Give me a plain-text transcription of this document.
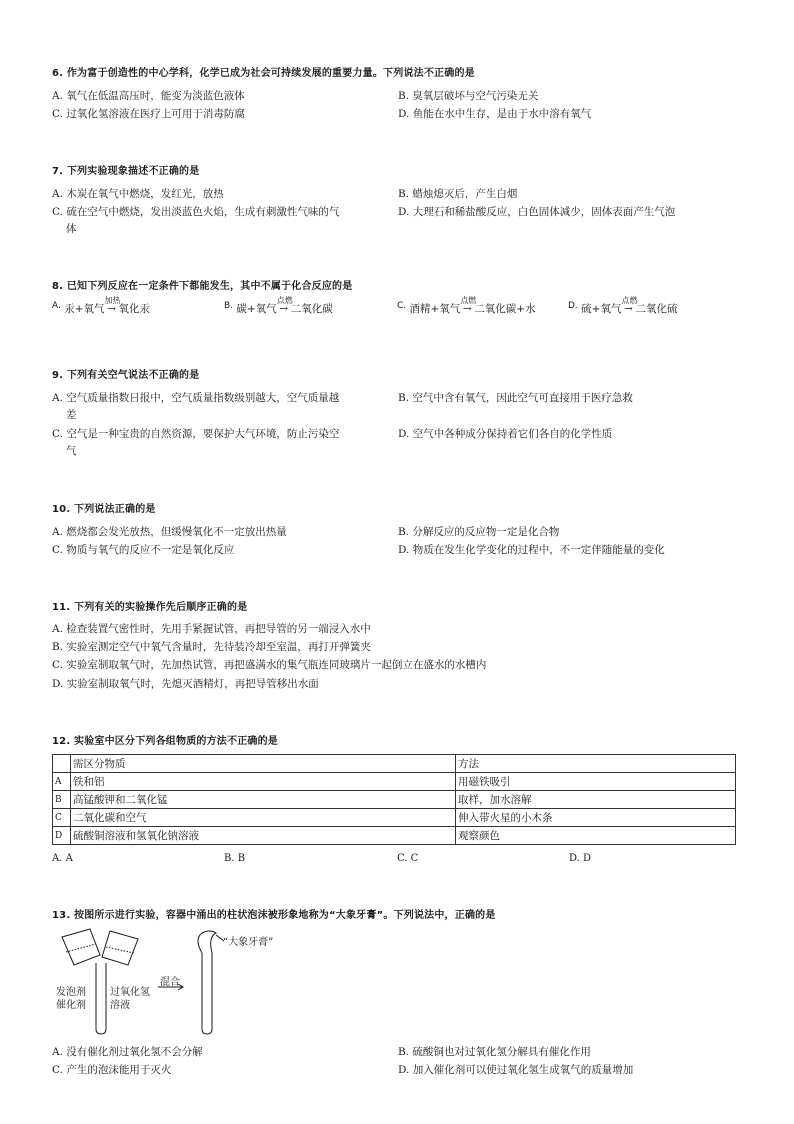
6. 作为富于创造性的中心学科，化学已成为社会可持续发展的重要力量。下列说法不正确的是
A. 氧气在低温高压时，能变为淡蓝色液体	B. 臭氧层破坏与空气污染无关
C. 过氧化氢溶液在医疗上可用于消毒防腐	D. 鱼能在水中生存，是由于水中溶有氧气
7. 下列实验现象描述不正确的是
A. 木炭在氧气中燃烧，发红光，放热	B. 蜡烛熄灭后，产生白烟
C. 硫在空气中燃烧，发出淡蓝色火焰，生成有刺激性气味的气
体
D. 大理石和稀盐酸反应，白色固体减少，固体表面产生气泡
8. 已知下列反应在一定条件下都能发生，其中不属于化合反应的是
A. 汞+氧气
加热
→ 氧化汞	B. 碳+氧气
点燃
→ 二氧化碳	C. 酒精+氧气
点燃
→ 二氧化碳+水	D. 硫+氧气
点燃
→ 二氧化硫
9. 下列有关空气说法不正确的是
A. 空气质量指数日报中，空气质量指数级别越大，空气质量越
差
B. 空气中含有氧气，因此空气可直接用于医疗急救
C. 空气是一种宝贵的自然资源，要保护大气环境，防止污染空
气
D. 空气中各种成分保持着它们各自的化学性质
10. 下列说法正确的是
A. 燃烧都会发光放热，但缓慢氧化不一定放出热量	B. 分解反应的反应物一定是化合物
C. 物质与氧气的反应不一定是氧化反应	D. 物质在发生化学变化的过程中，不一定伴随能量的变化
11. 下列有关的实验操作先后顺序正确的是
A. 检查装置气密性时，先用手紧握试管，再把导管的另一端浸入水中
B. 实验室测定空气中氧气含量时，先待装冷却至室温，再打开弹簧夹
C. 实验室制取氧气时，先加热试管，再把盛满水的集气瓶连同玻璃片一起倒立在盛水的水槽内
D. 实验室制取氧气时，先熄灭酒精灯，再把导管移出水面
12. 实验室中区分下列各组物质的方法不正确的是
	需区分物质	方法
A	铁和铝	用磁铁吸引
B	高锰酸钾和二氧化锰	取样，加水溶解
C	二氧化碳和空气	伸入带火星的小木条
D	硫酸铜溶液和氢氧化钠溶液	观察颜色
A. A	B. B	C. C	D. D
13. 按图所示进行实验，容器中涌出的柱状泡沫被形象地称为“大象牙膏”。下列说法中，正确的是
发泡剂
催化剂
过氧化氢
溶液
混合
“大象牙膏”
A. 没有催化剂过氧化氢不会分解	B. 硫酸铜也对过氧化氢分解具有催化作用
C. 产生的泡沫能用于灭火	D. 加入催化剂可以使过氧化氢生成氧气的质量增加
